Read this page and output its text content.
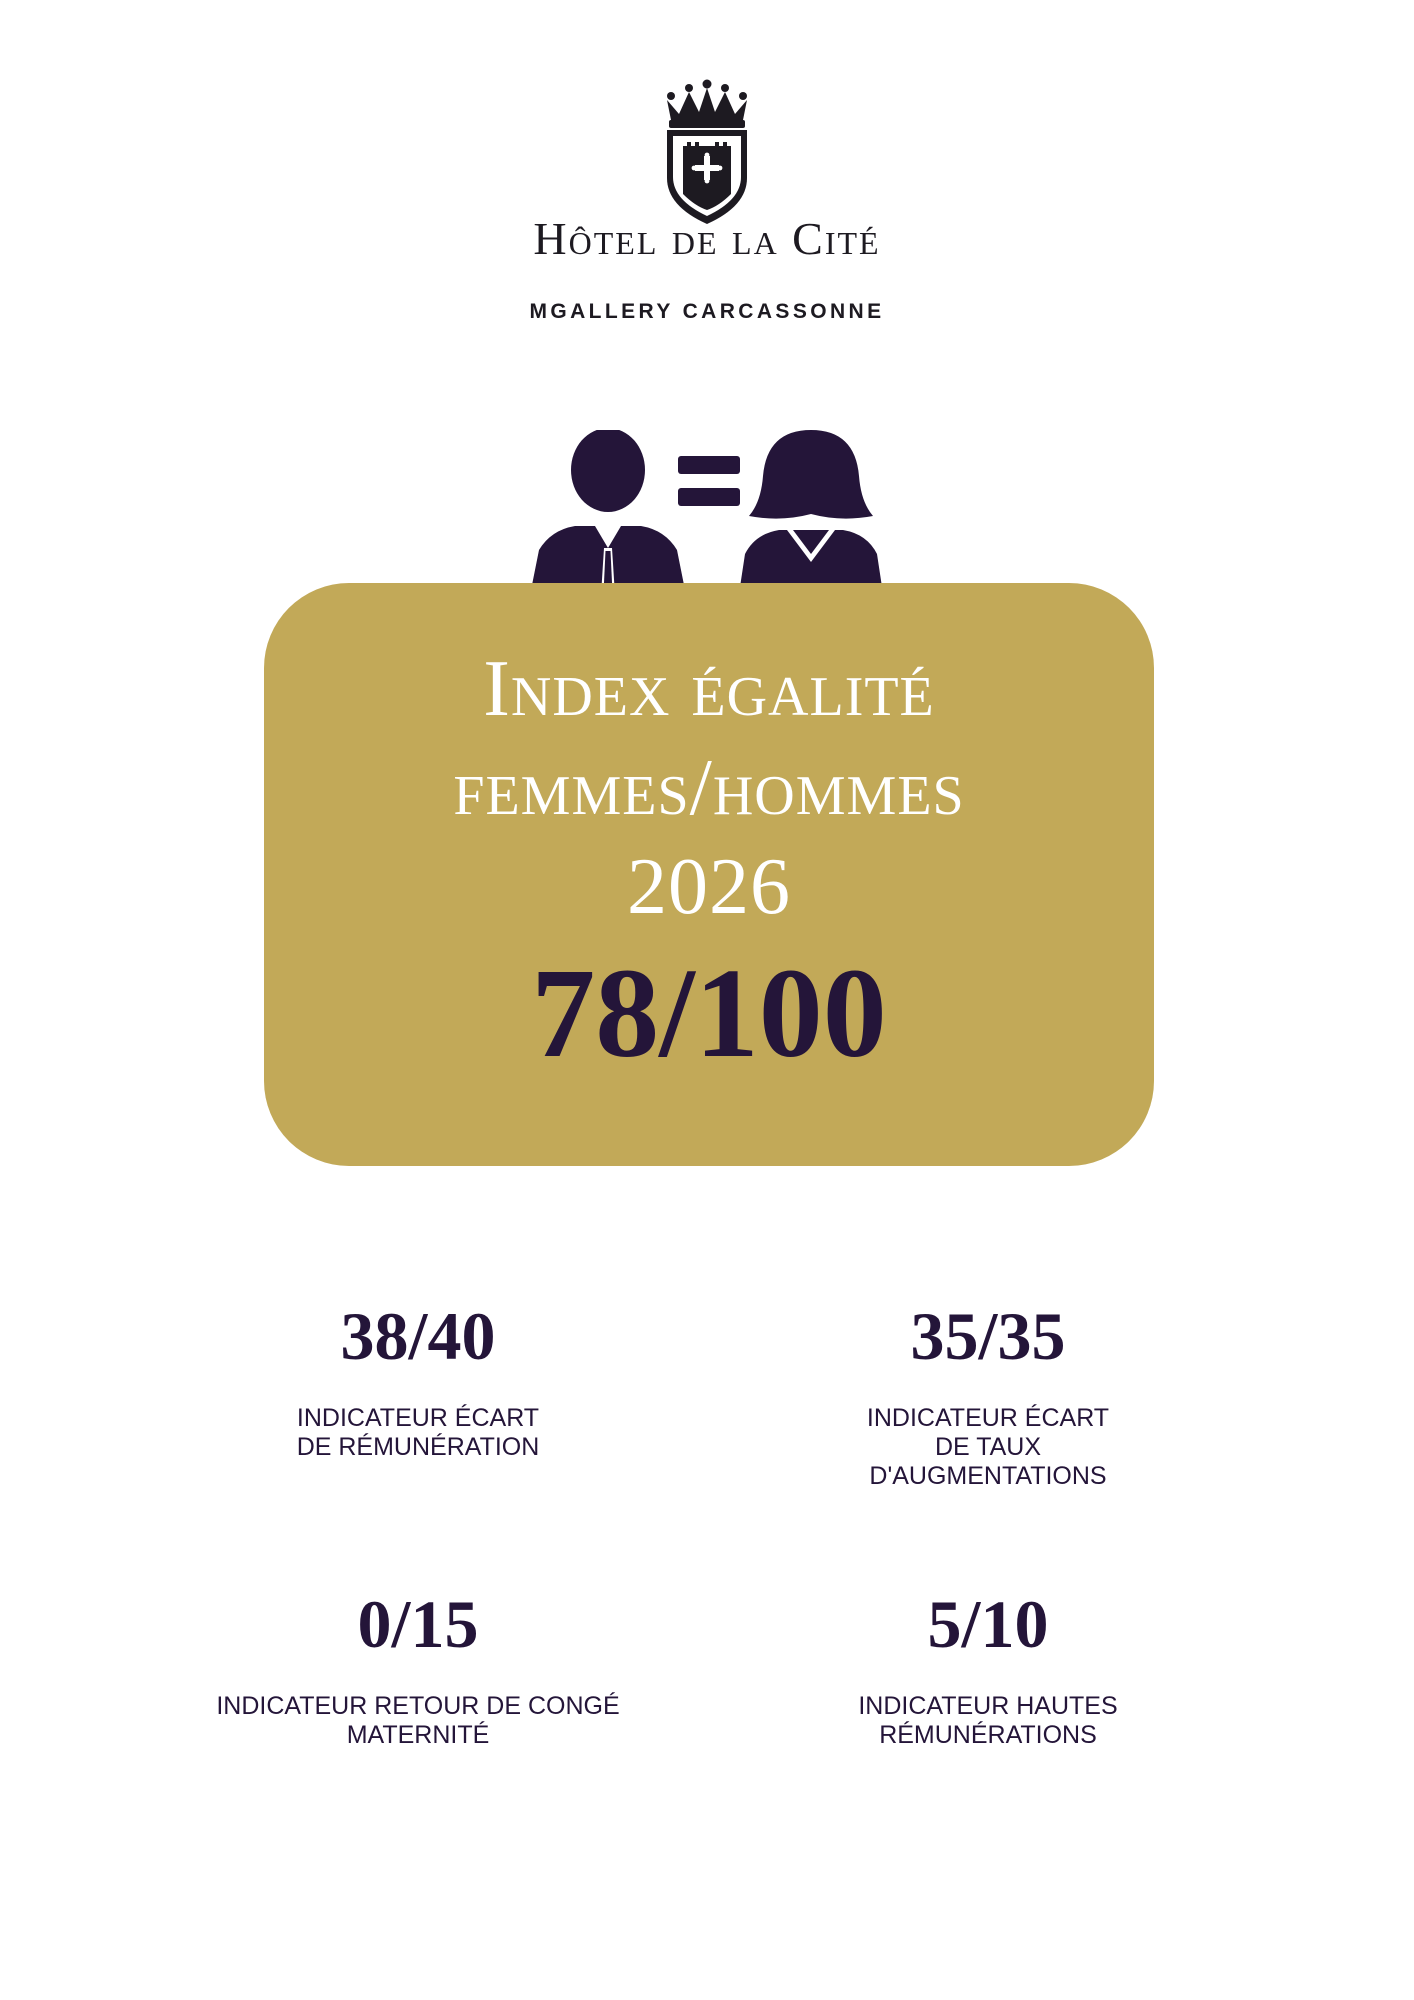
Hôtel de la Cité
MGALLERY CARCASSONNE
Index égalité
femmes/hommes
2026
78/100
38/40
INDICATEUR ÉCART
DE RÉMUNÉRATION
35/35
INDICATEUR ÉCART
DE TAUX
D'AUGMENTATIONS
0/15
INDICATEUR RETOUR DE CONGÉ
MATERNITÉ
5/10
INDICATEUR HAUTES
RÉMUNÉRATIONS
